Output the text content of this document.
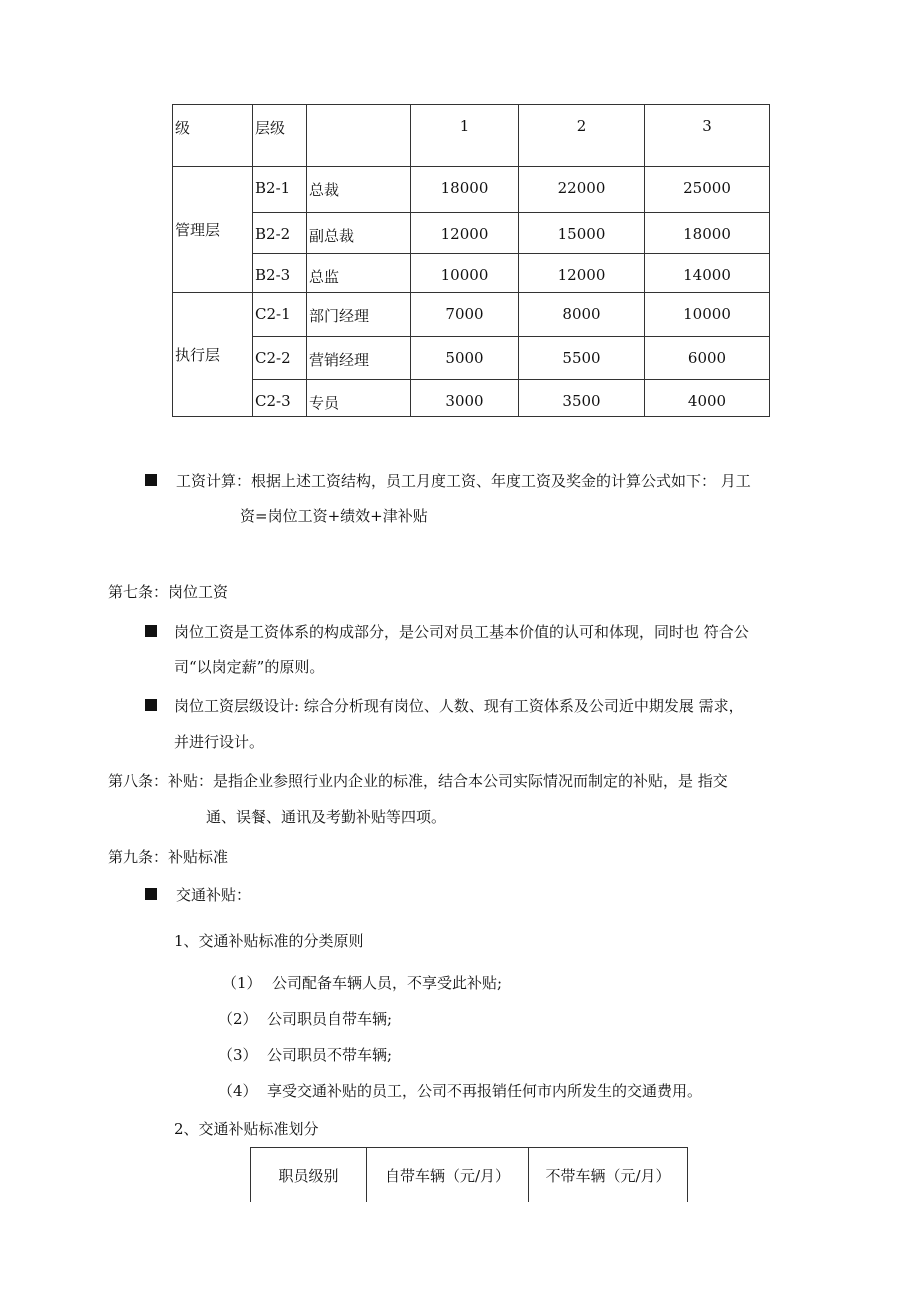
级	层级		1	2	3
管理层	B2-1	总裁	18000	22000	25000
	B2-2	副总裁	12000	15000	18000
	B2-3	总监	10000	12000	14000
执行层	C2-1	部门经理	7000	8000	10000
	C2-2	营销经理	5000	5500	6000
	C2-3	专员	3000	3500	4000
工资计算：根据上述工资结构，员工月度工资、年度工资及奖金的计算公式如下： 月工
资=岗位工资+绩效+津补贴
第七条：岗位工资
岗位工资是工资体系的构成部分，是公司对员工基本价值的认可和体现，同时也 符合公
司“以岗定薪”的原则。
岗位工资层级设计: 综合分析现有岗位、人数、现有工资体系及公司近中期发展 需求，
并进行设计。
第八条：补贴：是指企业参照行业内企业的标准，结合本公司实际情况而制定的补贴，是 指交
通、误餐、通讯及考勤补贴等四项。
第九条：补贴标准
交通补贴：
1、交通补贴标准的分类原则
（1） 公司配备车辆人员，不享受此补贴;
（2） 公司职员自带车辆;
（3） 公司职员不带车辆;
（4） 享受交通补贴的员工，公司不再报销任何市内所发生的交通费用。
2、交通补贴标准划分
职员级别	自带车辆（元/月）	不带车辆（元/月）
